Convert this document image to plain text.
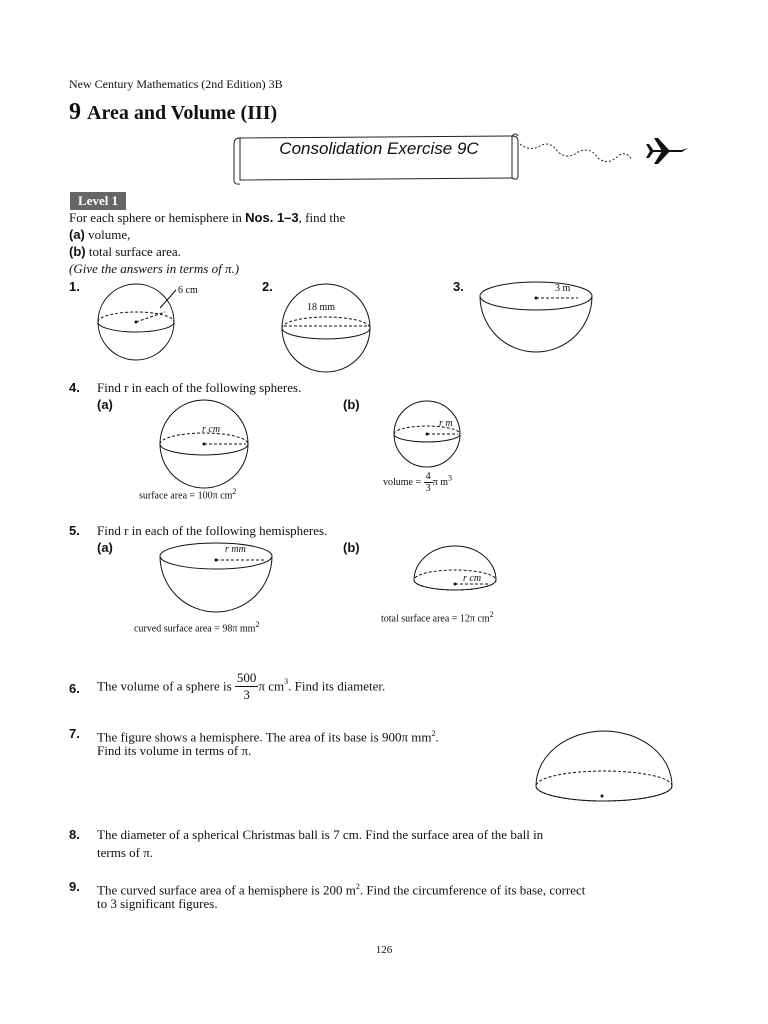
New Century Mathematics (2nd Edition) 3B
9 Area and Volume (III)
Consolidation Exercise 9C
Level 1
For each sphere or hemisphere in Nos. 1–3, find the
(a) volume,
(b) total surface area.
(Give the answers in terms of π.)
1.	2.	3.
6 cm
18 mm
3 m
4. Find r in each of the following spheres.
(a)	(b)
r cm
surface area = 100π $cm^2$
r m
volume = $\frac{4}{3}$ π $m^3$
5. Find r in each of the following hemispheres.
(a)	(b)
r mm
curved surface area = 98π $mm^2$
r cm
total surface area = 12π $cm^2$
6. The volume of a sphere is $\frac{500}{3}$ π $cm^3$. Find its diameter.
7. The figure shows a hemisphere. The area of its base is 900π $mm^2$.
Find its volume in terms of π.
8. The diameter of a spherical Christmas ball is 7 cm. Find the surface area of the ball in
terms of π.
9. The curved surface area of a hemisphere is 200 $m^2$. Find the circumference of its base, correct
to 3 significant figures.
126
